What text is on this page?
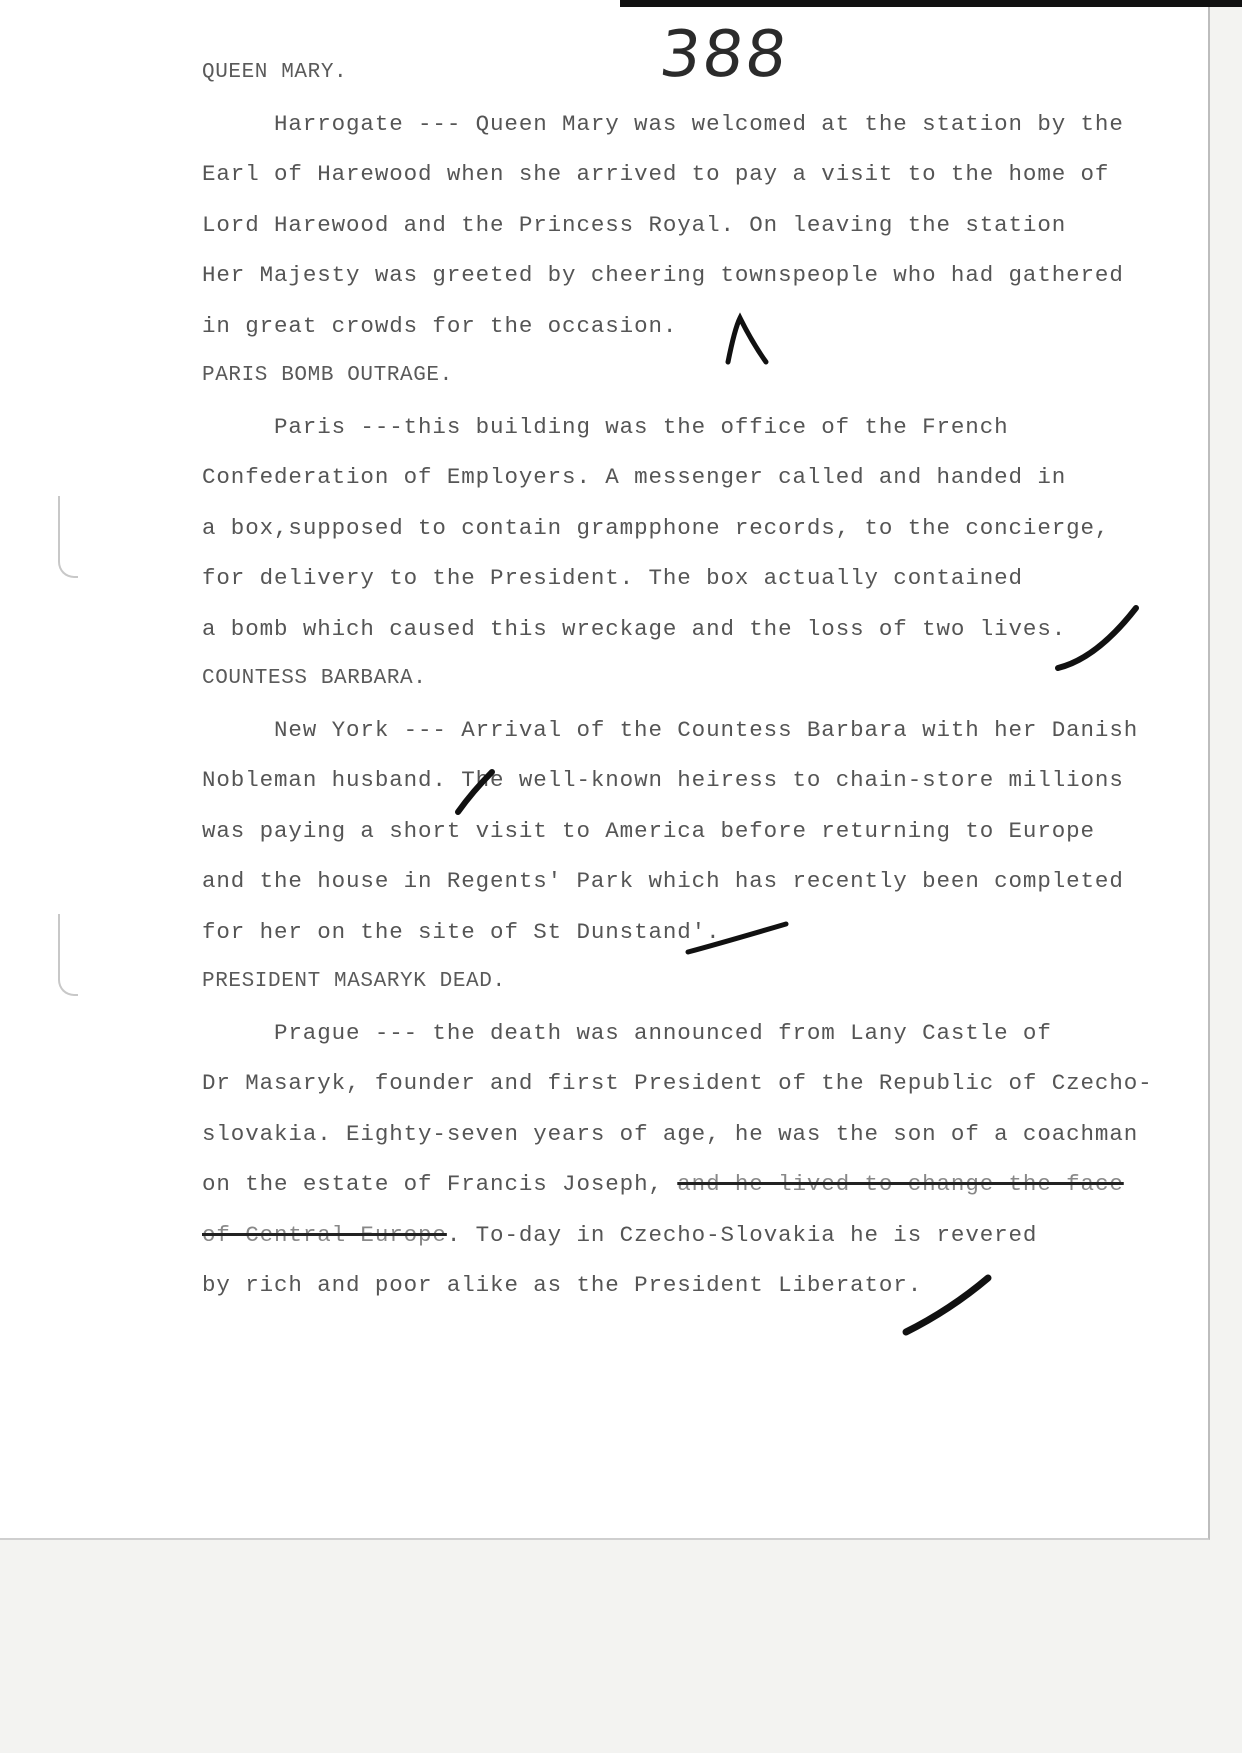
388
QUEEN MARY.
Harrogate --- Queen Mary was welcomed at the station by the
Earl of Harewood when she arrived to pay a visit to the home of
Lord Harewood and the Princess Royal. On leaving the station
Her Majesty was greeted by cheering townspeople who had gathered
in great crowds for the occasion.
PARIS BOMB OUTRAGE.
Paris ---this building was the office of the French
Confederation of Employers. A messenger called and handed in
a box,supposed to contain grampphone records, to the concierge,
for delivery to the President. The box actually contained
a bomb which caused this wreckage and the loss of two lives.
COUNTESS BARBARA.
New York --- Arrival of the Countess Barbara with her Danish
Nobleman husband. The well-known heiress to chain-store millions
was paying a short visit to America before returning to Europe
and the house in Regents' Park which has recently been completed
for her on the site of St Dunstand'.
PRESIDENT MASARYK DEAD.
Prague --- the death was announced from Lany Castle of
Dr Masaryk, founder and first President of the Republic of Czecho-
slovakia. Eighty-seven years of age, he was the son of a coachman
on the estate of Francis Joseph, and he lived to change the face
of Central Europe. To-day in Czecho-Slovakia he is revered
by rich and poor alike as the President Liberator.
